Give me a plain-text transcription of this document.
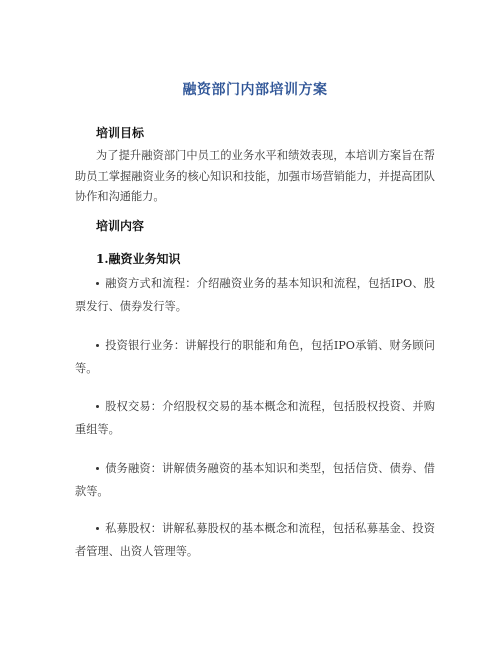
融资部门内部培训方案
培训目标
为了提升融资部门中员工的业务水平和绩效表现，本培训方案旨在帮助员工掌握融资业务的核心知识和技能，加强市场营销能力，并提高团队协作和沟通能力。
培训内容
1.融资业务知识
融资方式和流程：介绍融资业务的基本知识和流程，包括IPO、股票发行、债券发行等。
投资银行业务：讲解投行的职能和角色，包括IPO承销、财务顾问等。
股权交易：介绍股权交易的基本概念和流程，包括股权投资、并购重组等。
债务融资：讲解债务融资的基本知识和类型，包括信贷、债券、借款等。
私募股权：讲解私募股权的基本概念和流程，包括私募基金、投资者管理、出资人管理等。
